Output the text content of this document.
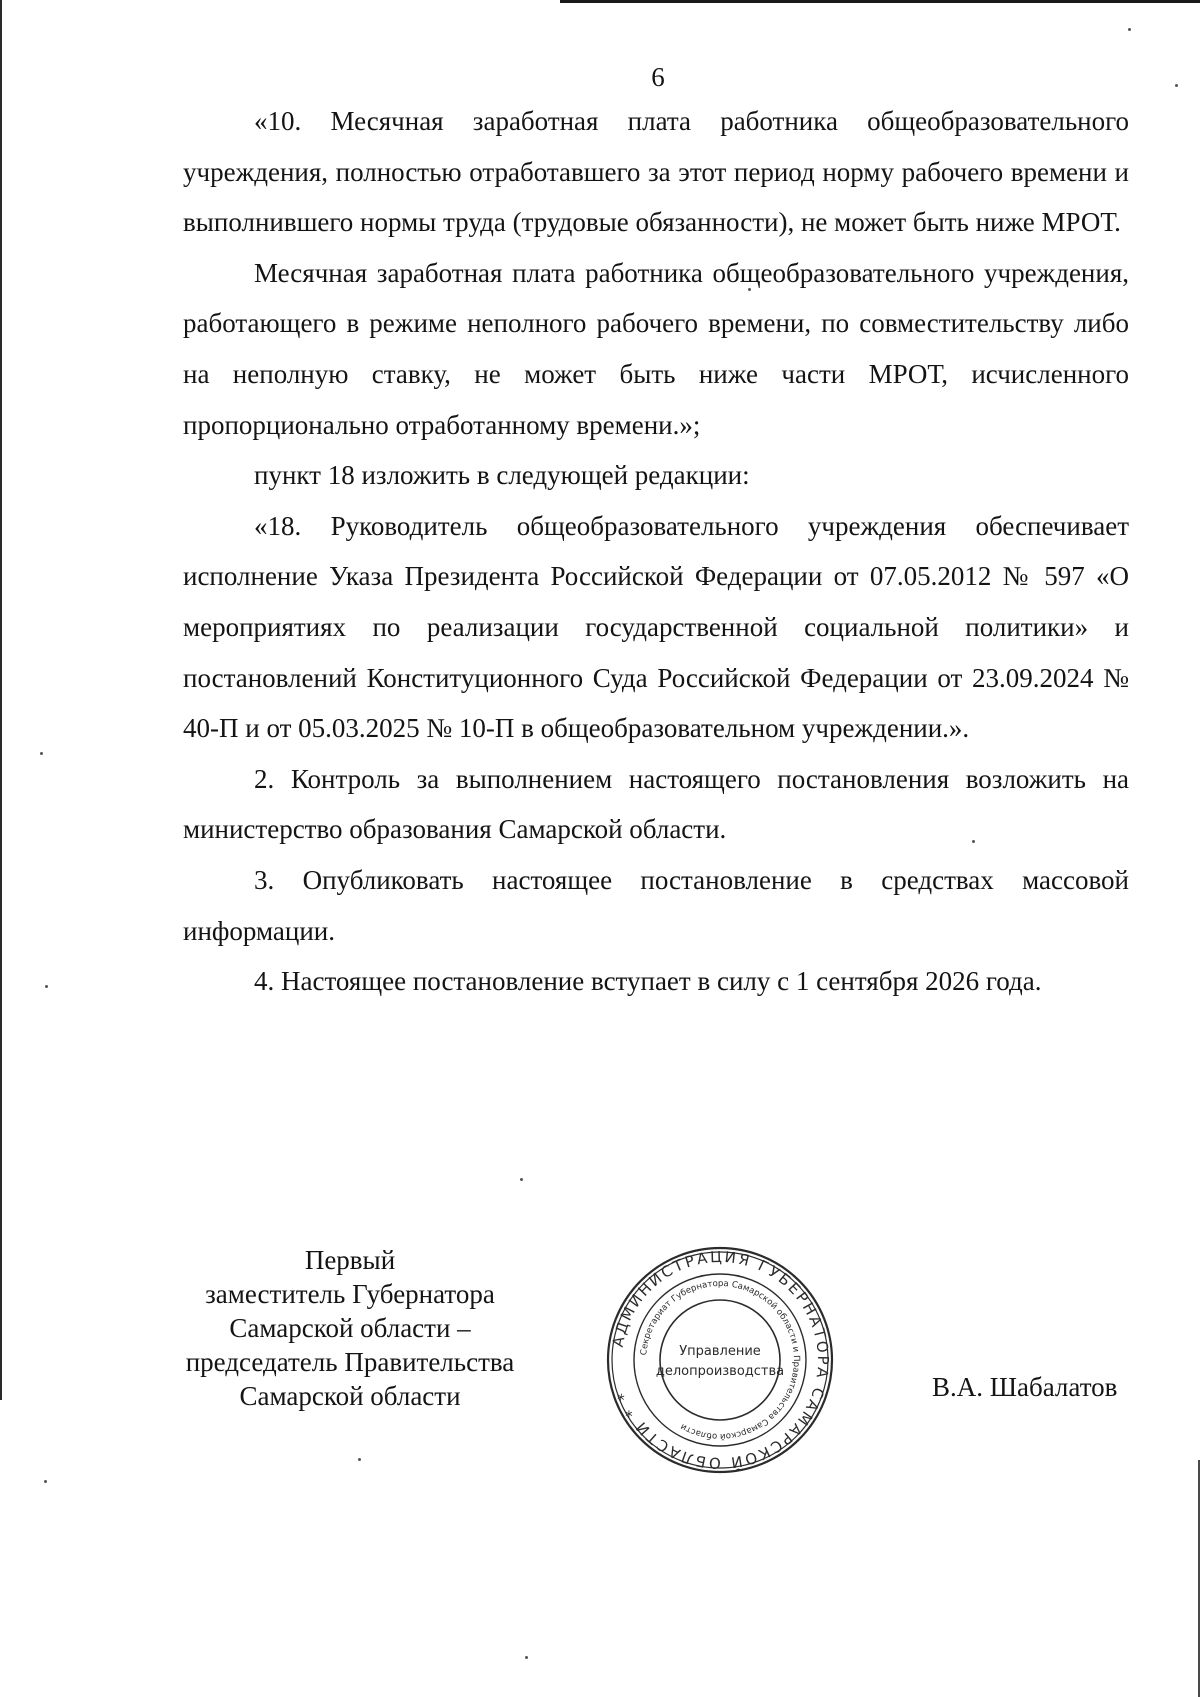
6

«10. Месячная заработная плата работника общеобразовательного учреждения, полностью отработавшего за этот период норму рабочего времени и выполнившего нормы труда (трудовые обязанности), не может быть ниже МРОТ.

Месячная заработная плата работника общеобразовательного учреждения, работающего в режиме неполного рабочего времени, по совместительству либо на неполную ставку, не может быть ниже части МРОТ, исчисленного пропорционально отработанному времени.»;

пункт 18 изложить в следующей редакции:

«18. Руководитель общеобразовательного учреждения обеспечивает исполнение Указа Президента Российской Федерации от 07.05.2012 № 597 «О мероприятиях по реализации государственной социальной политики» и постановлений Конституционного Суда Российской Федерации от 23.09.2024 № 40-П и от 05.03.2025 № 10-П в общеобразовательном учреждении.».

2. Контроль за выполнением настоящего постановления возложить на министерство образования Самарской области.

3. Опубликовать настоящее постановление в средствах массовой информации.

4. Настоящее постановление вступает в силу с 1 сентября 2026 года.

Первый
заместитель Губернатора
Самарской области –
председатель Правительства
Самарской области
АДМИНИСТРАЦИЯ ГУБЕРНАТОРА САМАРСКОЙ ОБЛАСТИ * *
Секретариат Губернатора Самарской области и Правительства Самарской области
Управление
делопроизводства
В.А. Шабалатов
